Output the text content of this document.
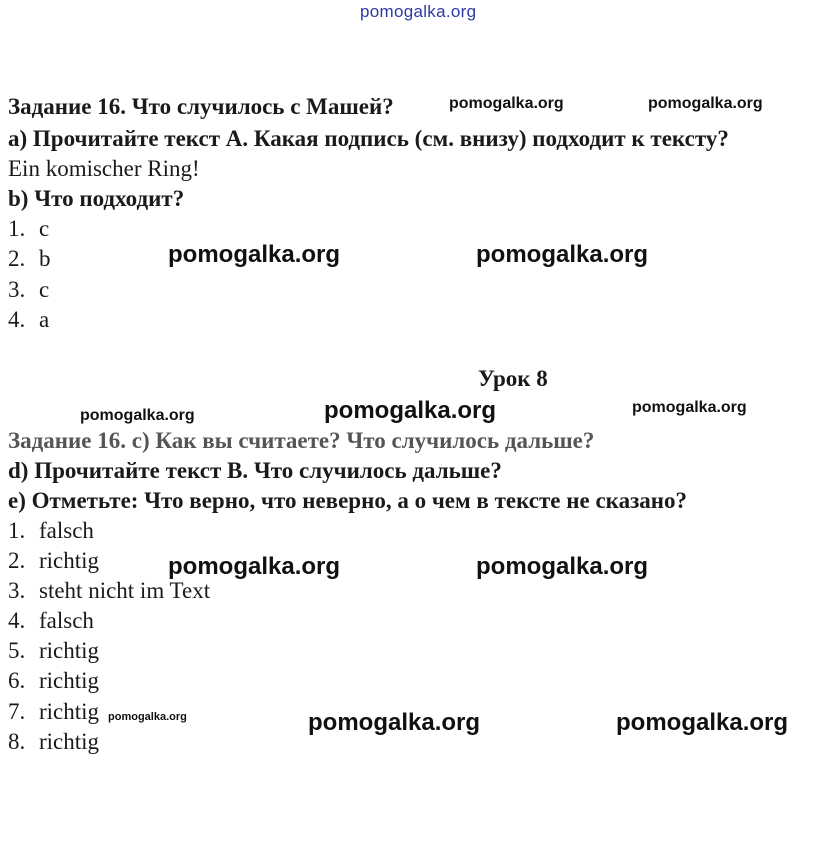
pomogalka.org
Задание 16. Что случилось с Машей?
a) Прочитайте текст А. Какая подпись (см. внизу) подходит к тексту?
Ein komischer Ring!
b) Что подходит?
1. c
2. b
3. c
4. a
Урок 8
Задание 16. с) Как вы считаете? Что случилось дальше?
d) Прочитайте текст B. Что случилось дальше?
e) Отметьте: Что верно, что неверно, а о чем в тексте не сказано?
1. falsch
2. richtig
3. steht nicht im Text
4. falsch
5. richtig
6. richtig
7. richtig
8. richtig
pomogalka.org	pomogalka.org
pomogalka.org	pomogalka.org
pomogalka.org	pomogalka.org	pomogalka.org
pomogalka.org	pomogalka.org
pomogalka.org	pomogalka.org	pomogalka.org
